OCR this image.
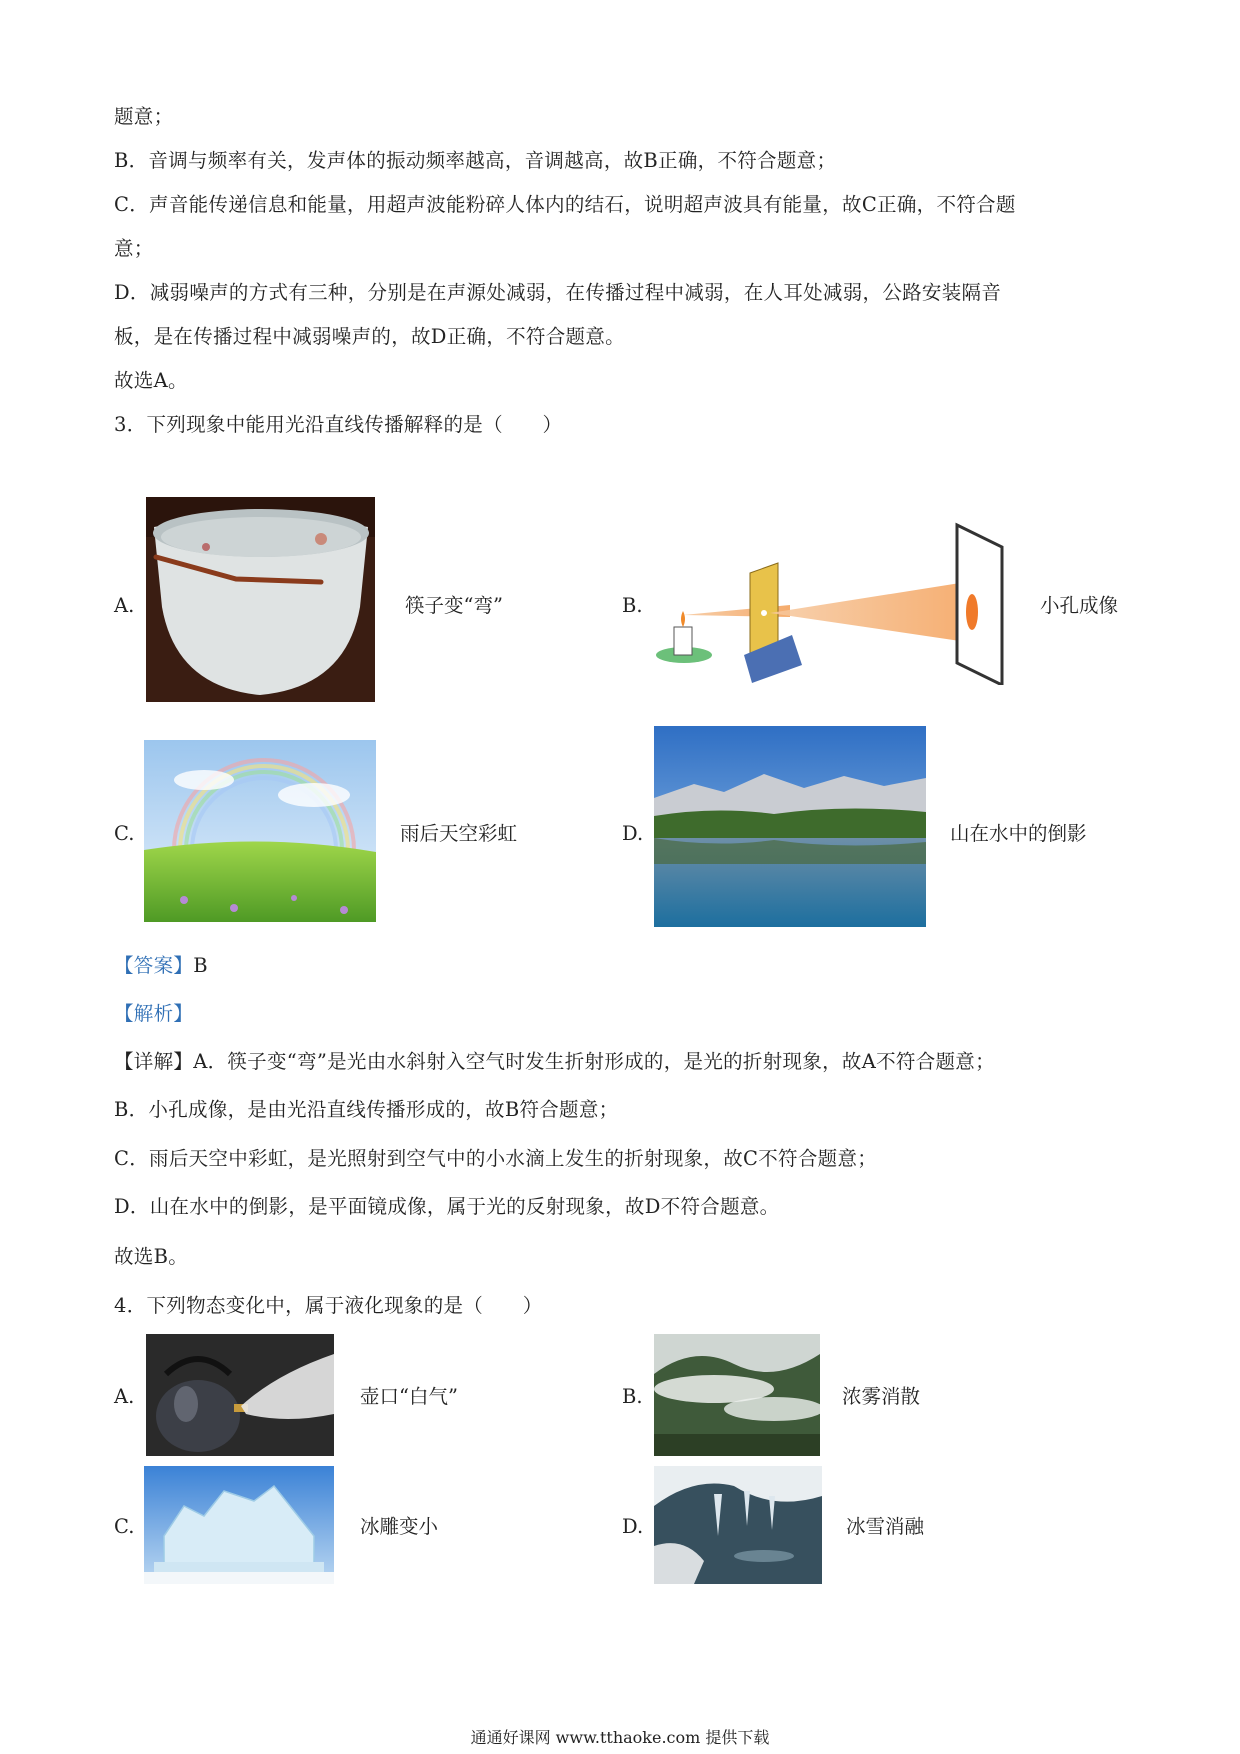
题意；
B．音调与频率有关，发声体的振动频率越高，音调越高，故B正确，不符合题意；
C．声音能传递信息和能量，用超声波能粉碎人体内的结石，说明超声波具有能量，故C正确，不符合题
意；
D．减弱噪声的方式有三种，分别是在声源处减弱，在传播过程中减弱，在人耳处减弱，公路安装隔音
板，是在传播过程中减弱噪声的，故D正确，不符合题意。
故选A。
3．下列现象中能用光沿直线传播解释的是（　　）
A.	筷子变“弯”	B.	小孔成像
C.	雨后天空彩虹	D.	山在水中的倒影
【答案】B
【解析】
【详解】A．筷子变“弯”是光由水斜射入空气时发生折射形成的，是光的折射现象，故A不符合题意；
B．小孔成像，是由光沿直线传播形成的，故B符合题意；
C．雨后天空中彩虹，是光照射到空气中的小水滴上发生的折射现象，故C不符合题意；
D．山在水中的倒影，是平面镜成像，属于光的反射现象，故D不符合题意。
故选B。
4．下列物态变化中，属于液化现象的是（　　）
A.	壶口“白气”	B.	浓雾消散
C.	冰雕变小	D.	冰雪消融
通通好课网 www.tthaoke.com 提供下载
